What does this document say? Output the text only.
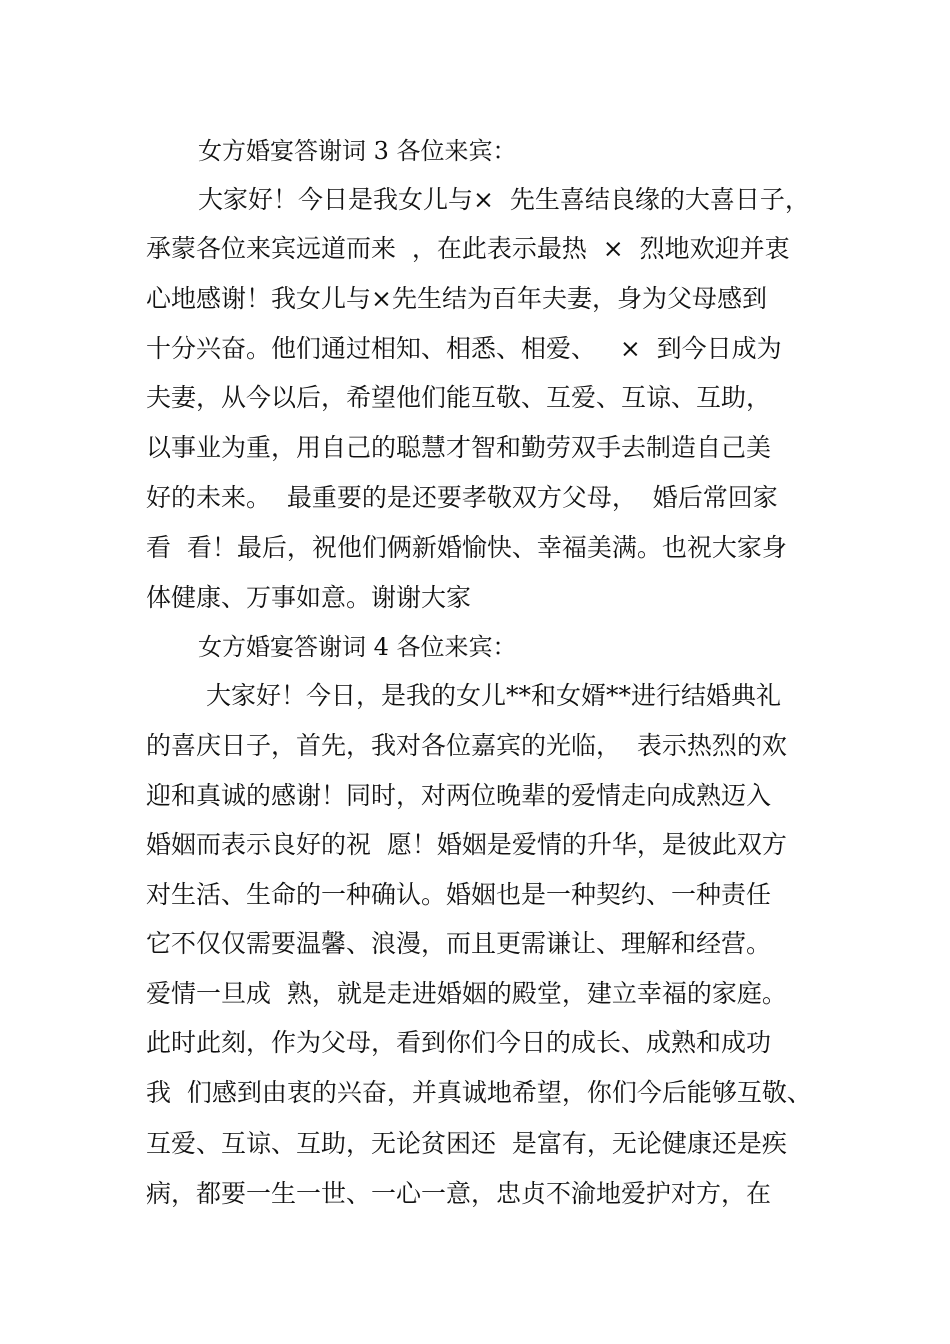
女方婚宴答谢词 3 各位来宾：
大家好！今日是我女儿与×  先生喜结良缘的大喜日子，
承蒙各位来宾远道而来  ，在此表示最热  ×  烈地欢迎并衷
心地感谢！我女儿与×先生结为百年夫妻，身为父母感到
十分兴奋。他们通过相知、相悉、相爱、   ×  到今日成为
夫妻，从今以后，希望他们能互敬、互爱、互谅、互助，
以事业为重，用自己的聪慧才智和勤劳双手去制造自己美
好的未来。  最重要的是还要孝敬双方父母，  婚后常回家
看  看！最后，祝他们俩新婚愉快、幸福美满。也祝大家身
体健康、万事如意。谢谢大家
女方婚宴答谢词 4 各位来宾：
大家好！今日，是我的女儿**和女婿**进行结婚典礼
的喜庆日子，首先，我对各位嘉宾的光临，  表示热烈的欢
迎和真诚的感谢！同时，对两位晚辈的爱情走向成熟迈入
婚姻而表示良好的祝  愿！婚姻是爱情的升华，是彼此双方
对生活、生命的一种确认。婚姻也是一种契约、一种责任
它不仅仅需要温馨、浪漫，而且更需谦让、理解和经营。
爱情一旦成  熟，就是走进婚姻的殿堂，建立幸福的家庭。
此时此刻，作为父母，看到你们今日的成长、成熟和成功
我  们感到由衷的兴奋，并真诚地希望，你们今后能够互敬、
互爱、互谅、互助，无论贫困还  是富有，无论健康还是疾
病，都要一生一世、一心一意，忠贞不渝地爱护对方，在
